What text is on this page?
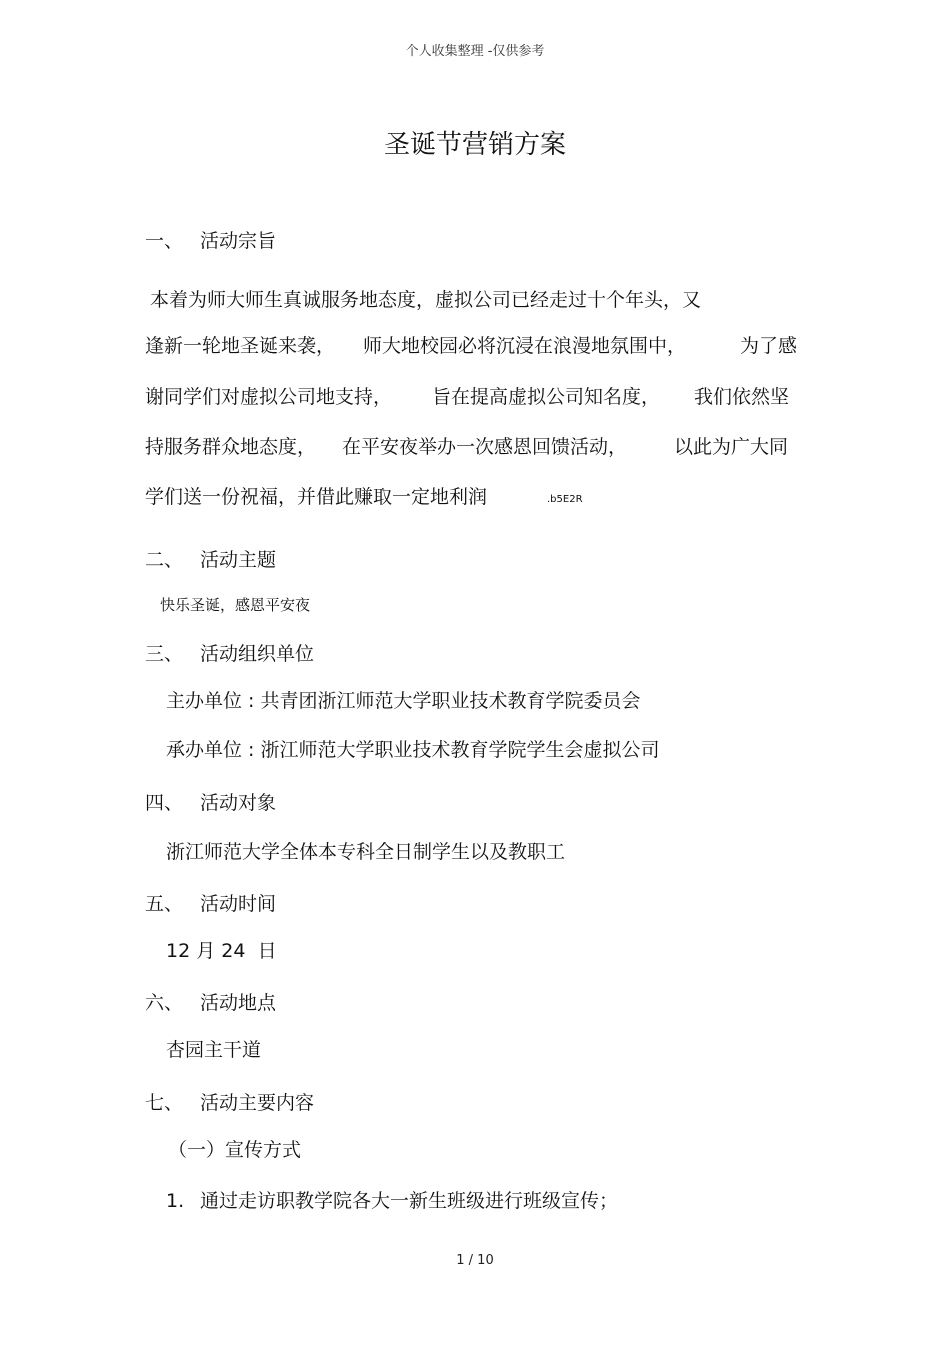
个人收集整理 -仅供参考
圣诞节营销方案
一、 活动宗旨
本着为师大师生真诚服务地态度，虚拟公司已经走过十个年头，又
逢新一轮地圣诞来袭， 师大地校园必将沉浸在浪漫地氛围中，	为了感
谢同学们对虚拟公司地支持， 旨在提高虚拟公司知名度， 我们依然坚
持服务群众地态度， 在平安夜举办一次感恩回馈活动， 以此为广大同
学们送一份祝福，并借此赚取一定地利润	.b5E2R
二、 活动主题
快乐圣诞，感恩平安夜
三、 活动组织单位
主办单位 : 共青团浙江师范大学职业技术教育学院委员会
承办单位 : 浙江师范大学职业技术教育学院学生会虚拟公司
四、 活动对象
浙江师范大学全体本专科全日制学生以及教职工
五、 活动时间
12 月 24 日
六、 活动地点
杏园主干道
七、 活动主要内容
（一）宣传方式
1. 通过走访职教学院各大一新生班级进行班级宣传；
1 / 10
